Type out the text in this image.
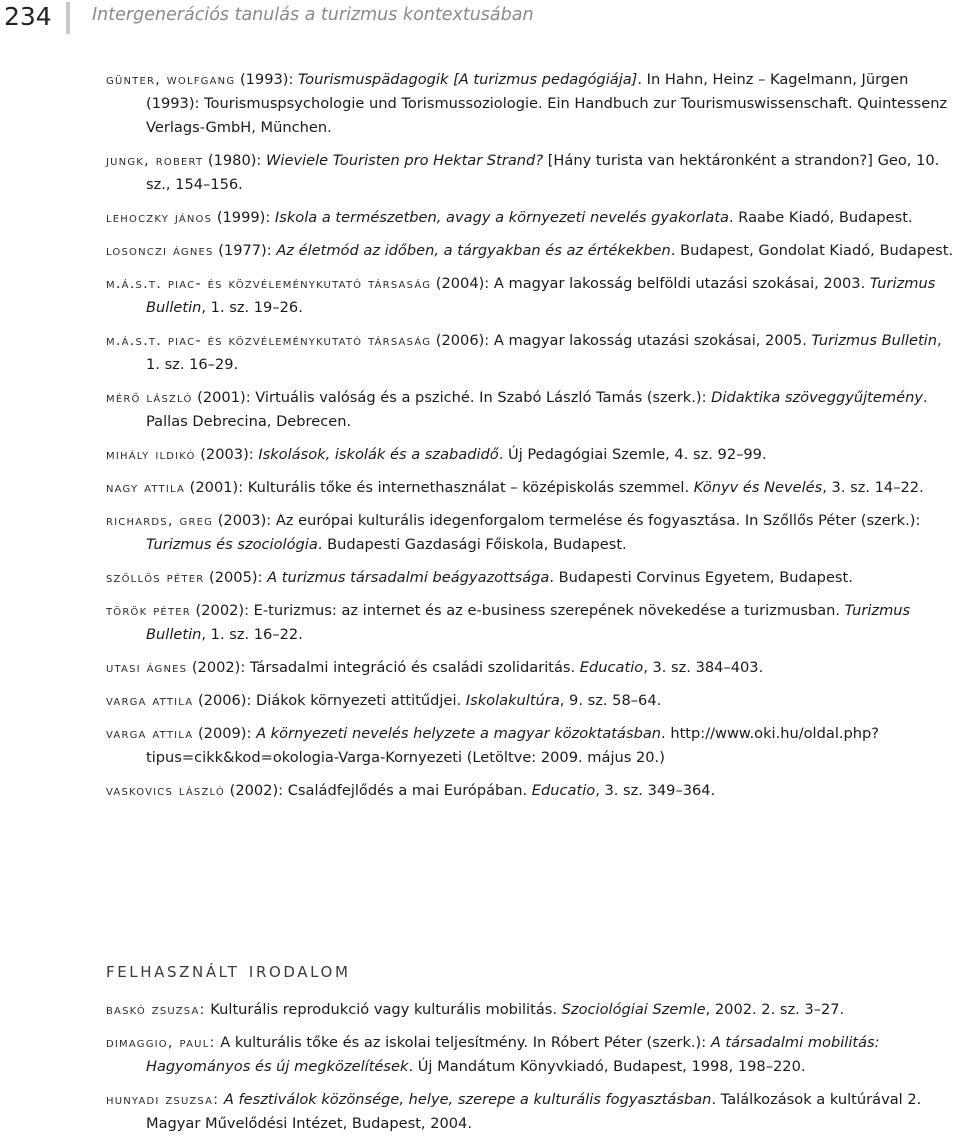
234 Intergenerációs tanulás a turizmus kontextusában

günter, wolfgang (1993): Tourismuspädagogik [A turizmus pedagógiája]. In Hahn, Heinz – Kagelmann, Jürgen (1993): Tourismuspsychologie und Torismussoziologie. Ein Handbuch zur Tourismuswissenschaft. Quintessenz Verlags-GmbH, München.

jungk, robert (1980): Wieviele Touristen pro Hektar Strand? [Hány turista van hektáronként a strandon?] Geo, 10. sz., 154–156.

lehoczky jános (1999): Iskola a természetben, avagy a környezeti nevelés gyakorlata. Raabe Kiadó, Budapest.

losonczi ágnes (1977): Az életmód az időben, a tárgyakban és az értékekben. Budapest, Gondolat Kiadó, Budapest.

m.á.s.t. piac- és közvéleménykutató társaság (2004): A magyar lakosság belföldi utazási szokásai, 2003. Turizmus Bulletin, 1. sz. 19–26.

m.á.s.t. piac- és közvéleménykutató társaság (2006): A magyar lakosság utazási szokásai, 2005. Turizmus Bulletin, 1. sz. 16–29.

mérő lászló (2001): Virtuális valóság és a psziché. In Szabó László Tamás (szerk.): Didaktika szöveggyűjtemény. Pallas Debrecina, Debrecen.

mihály ildikó (2003): Iskolások, iskolák és a szabadidő. Új Pedagógiai Szemle, 4. sz. 92–99.

nagy attila (2001): Kulturális tőke és internethasználat – középiskolás szemmel. Könyv és Nevelés, 3. sz. 14–22.

richards, greg (2003): Az európai kulturális idegenforgalom termelése és fogyasztása. In Szőllős Péter (szerk.): Turizmus és szociológia. Budapesti Gazdasági Főiskola, Budapest.

szőllős péter (2005): A turizmus társadalmi beágyazottsága. Budapesti Corvinus Egyetem, Budapest.

török péter (2002): E-turizmus: az internet és az e-business szerepének növekedése a turizmusban. Turizmus Bulletin, 1. sz. 16–22.

utasi ágnes (2002): Társadalmi integráció és családi szolidaritás. Educatio, 3. sz. 384–403.

varga attila (2006): Diákok környezeti attitűdjei. Iskolakultúra, 9. sz. 58–64.

varga attila (2009): A környezeti nevelés helyzete a magyar közoktatásban. http://www.oki.hu/oldal.php?tipus=cikk&kod=okologia-Varga-Kornyezeti (Letöltve: 2009. május 20.)

vaskovics lászló (2002): Családfejlődés a mai Európában. Educatio, 3. sz. 349–364.

felhasznált irodalom

baskó zsuzsa: Kulturális reprodukció vagy kulturális mobilitás. Szociológiai Szemle, 2002. 2. sz. 3–27.

dimaggio, paul: A kulturális tőke és az iskolai teljesítmény. In Róbert Péter (szerk.): A társadalmi mobilitás: Hagyományos és új megközelítések. Új Mandátum Könyvkiadó, Budapest, 1998, 198–220.

hunyadi zsuzsa: A fesztiválok közönsége, helye, szerepe a kulturális fogyasztásban. Találkozások a kultúrával 2. Magyar Művelődési Intézet, Budapest, 2004.
